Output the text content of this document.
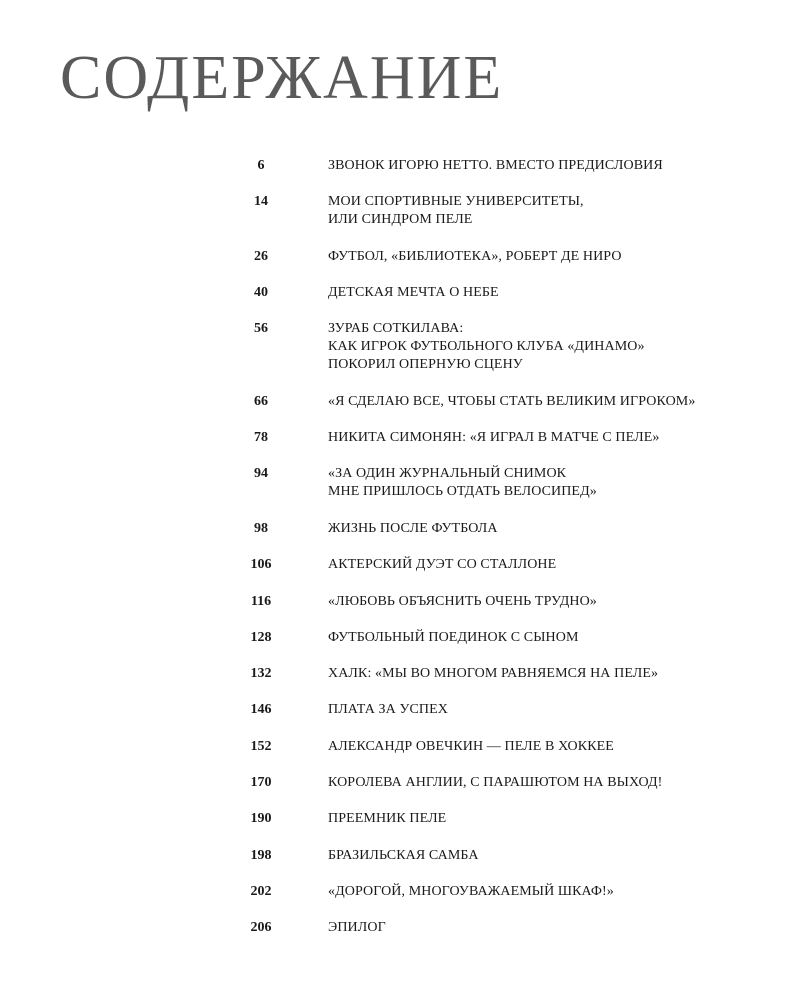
СОДЕРЖАНИЕ
6	ЗВОНОК ИГОРЮ НЕТТО. ВМЕСТО ПРЕДИСЛОВИЯ
14	МОИ СПОРТИВНЫЕ УНИВЕРСИТЕТЫ,
ИЛИ СИНДРОМ ПЕЛЕ
26	ФУТБОЛ, «БИБЛИОТЕКА», РОБЕРТ ДЕ НИРО
40	ДЕТСКАЯ МЕЧТА О НЕБЕ
56	ЗУРАБ СОТКИЛАВА:
КАК ИГРОК ФУТБОЛЬНОГО КЛУБА «ДИНАМО»
ПОКОРИЛ ОПЕРНУЮ СЦЕНУ
66	«Я СДЕЛАЮ ВСЕ, ЧТОБЫ СТАТЬ ВЕЛИКИМ ИГРОКОМ»
78	НИКИТА СИМОНЯН: «Я ИГРАЛ В МАТЧЕ С ПЕЛЕ»
94	«ЗА ОДИН ЖУРНАЛЬНЫЙ СНИМОК
МНЕ ПРИШЛОСЬ ОТДАТЬ ВЕЛОСИПЕД»
98	ЖИЗНЬ ПОСЛЕ ФУТБОЛА
106	АКТЕРСКИЙ ДУЭТ СО СТАЛЛОНЕ
116	«ЛЮБОВЬ ОБЪЯСНИТЬ ОЧЕНЬ ТРУДНО»
128	ФУТБОЛЬНЫЙ ПОЕДИНОК С СЫНОМ
132	ХАЛК: «МЫ ВО МНОГОМ РАВНЯЕМСЯ НА ПЕЛЕ»
146	ПЛАТА ЗА УСПЕХ
152	АЛЕКСАНДР ОВЕЧКИН — ПЕЛЕ В ХОККЕЕ
170	КОРОЛЕВА АНГЛИИ, С ПАРАШЮТОМ НА ВЫХОД!
190	ПРЕЕМНИК ПЕЛЕ
198	БРАЗИЛЬСКАЯ САМБА
202	«ДОРОГОЙ, МНОГОУВАЖАЕМЫЙ ШКАФ!»
206	ЭПИЛОГ
